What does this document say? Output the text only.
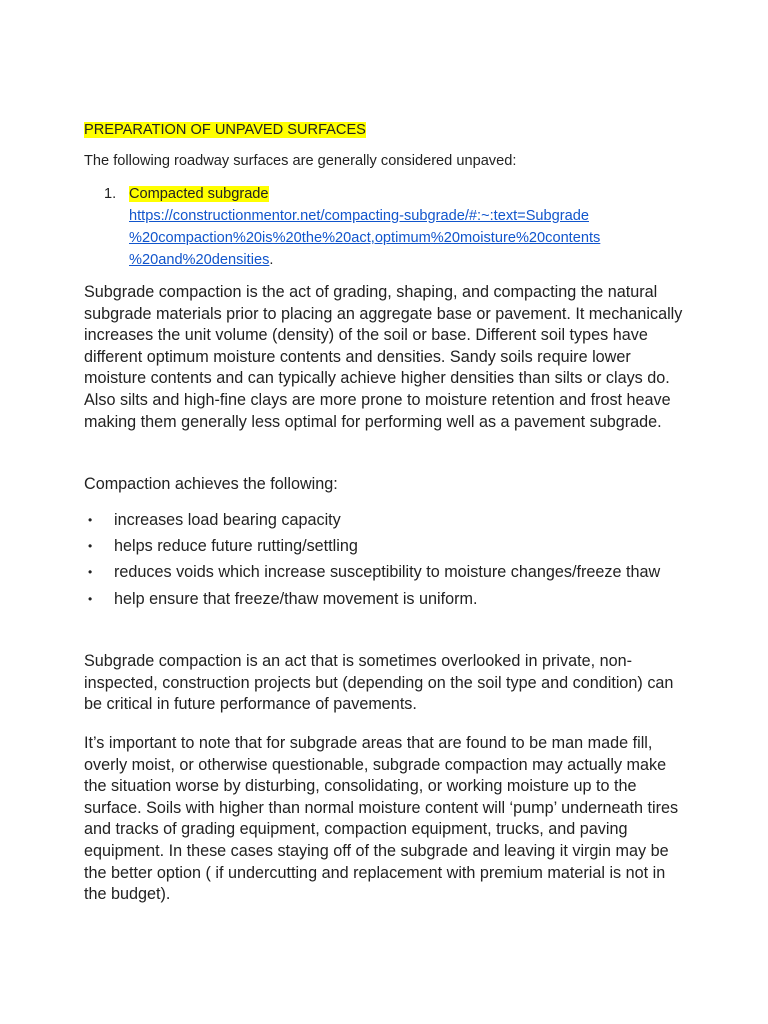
PREPARATION OF UNPAVED SURFACES

The following roadway surfaces are generally considered unpaved:

1. Compacted subgrade

https://constructionmentor.net/compacting-subgrade/#:~:text=Subgrade
%20compaction%20is%20the%20act,optimum%20moisture%20contents
%20and%20densities.

Subgrade compaction is the act of grading, shaping, and compacting the natural subgrade materials prior to placing an aggregate base or pavement. It mechanically increases the unit volume (density) of the soil or base. Different soil types have different optimum moisture contents and densities. Sandy soils require lower moisture contents and can typically achieve higher densities than silts or clays do. Also silts and high-fine clays are more prone to moisture retention and frost heave making them generally less optimal for performing well as a pavement subgrade.

Compaction achieves the following:

• increases load bearing capacity
• helps reduce future rutting/settling
• reduces voids which increase susceptibility to moisture changes/freeze thaw
• help ensure that freeze/thaw movement is uniform.

Subgrade compaction is an act that is sometimes overlooked in private, non-inspected, construction projects but (depending on the soil type and condition) can be critical in future performance of pavements.

It’s important to note that for subgrade areas that are found to be man made fill, overly moist, or otherwise questionable, subgrade compaction may actually make the situation worse by disturbing, consolidating, or working moisture up to the surface. Soils with higher than normal moisture content will ‘pump’ underneath tires and tracks of grading equipment, compaction equipment, trucks, and paving equipment. In these cases staying off of the subgrade and leaving it virgin may be the better option ( if undercutting and replacement with premium material is not in the budget).
